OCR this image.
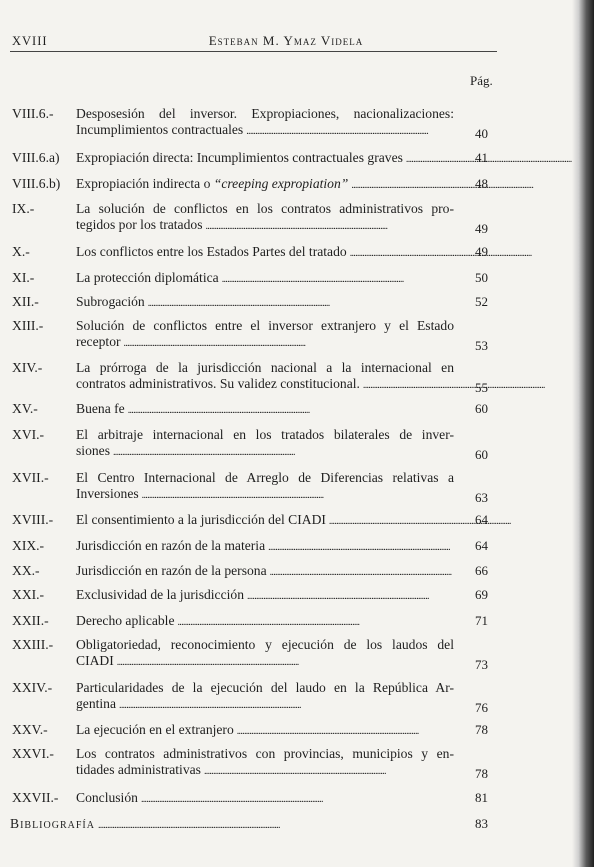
XVIII	Esteban M. Ymaz Videla
Pág.
VIII.6.- Desposesión del inversor. Expropiaciones, nacionalizaciones:
Incumplimientos contractuales . . .	40
VIII.6.a) Expropiación directa: Incumplimientos contractuales graves . . .	41
VIII.6.b) Expropiación indirecta o “creeping expropiation” . . .	48
IX.-	La solución de conflictos en los contratos administrativos pro-
tegidos por los tratados . . .	49
X.-	Los conflictos entre los Estados Partes del tratado . . .	49
XI.-	La protección diplomática . . .	50
XII.-	Subrogación . . .	52
XIII.- Solución de conflictos entre el inversor extranjero y el Estado
receptor . . .	53
XIV.- La prórroga de la jurisdicción nacional a la internacional en
contratos administrativos. Su validez constitucional. . . .	55
XV.-	Buena fe . . .	60
XVI.- El arbitraje internacional en los tratados bilaterales de inver-
siones . . .	60
XVII.- El Centro Internacional de Arreglo de Diferencias relativas a
Inversiones . . .	63
XVIII.- El consentimiento a la jurisdicción del CIADI . . .	64
XIX.- Jurisdicción en razón de la materia . . .	64
XX.-	Jurisdicción en razón de la persona . . .	66
XXI.- Exclusividad de la jurisdicción . . .	69
XXII.- Derecho aplicable . . .	71
XXIII.- Obligatoriedad, reconocimiento y ejecución de los laudos del
CIADI . . .	73
XXIV.- Particularidades de la ejecución del laudo en la República Ar-
gentina . . .	76
XXV.- La ejecución en el extranjero . . .	78
XXVI.- Los contratos administrativos con provincias, municipios y en-
tidades administrativas . . .	78
XXVII.- Conclusión . . .	81
Bibliografía . . .	83
